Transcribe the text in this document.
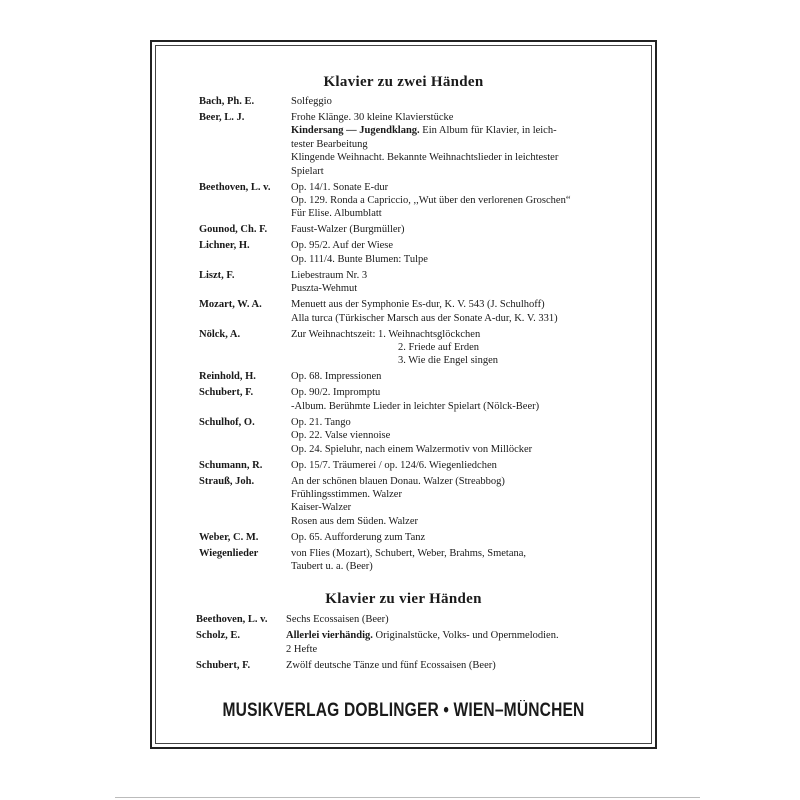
Klavier zu zwei Händen
Bach, Ph. E.	Solfeggio
Beer, L. J.	Frohe Klänge. 30 kleine Klavierstücke
Kindersang — Jugendklang. Ein Album für Klavier, in leich-
tester Bearbeitung
Klingende Weihnacht. Bekannte Weihnachtslieder in leichtester
Spielart
Beethoven, L. v. Op. 14/1. Sonate E-dur
Op. 129. Ronda a Capriccio, ,,Wut über den verlorenen Groschen“
Für Elise. Albumblatt
Gounod, Ch. F. Faust-Walzer (Burgmüller)
Lichner, H.	Op. 95/2. Auf der Wiese
Op. 111/4. Bunte Blumen: Tulpe
Liszt, F.	Liebestraum Nr. 3
Puszta-Wehmut
Mozart, W. A.	Menuett aus der Symphonie Es-dur, K. V. 543 (J. Schulhoff)
Alla turca (Türkischer Marsch aus der Sonate A-dur, K. V. 331)
Nölck, A.	Zur Weihnachtszeit: 1. Weihnachtsglöckchen
2. Friede auf Erden
3. Wie die Engel singen
Reinhold, H.	Op. 68. Impressionen
Schubert, F.	Op. 90/2. Impromptu
-Album. Berühmte Lieder in leichter Spielart (Nölck-Beer)
Schulhof, O.	Op. 21. Tango
Op. 22. Valse viennoise
Op. 24. Spieluhr, nach einem Walzermotiv von Millöcker
Schumann, R.	Op. 15/7. Träumerei / op. 124/6. Wiegenliedchen
Strauß, Joh.	An der schönen blauen Donau. Walzer (Streabbog)
Frühlingsstimmen. Walzer
Kaiser-Walzer
Rosen aus dem Süden. Walzer
Weber, C. M.	Op. 65. Aufforderung zum Tanz
Wiegenlieder	von Flies (Mozart), Schubert, Weber, Brahms, Smetana,
Taubert u. a. (Beer)
Klavier zu vier Händen
Beethoven, L. v. Sechs Ecossaisen (Beer)
Scholz, E.	Allerlei vierhändig. Originalstücke, Volks- und Opernmelodien.
2 Hefte
Schubert, F.	Zwölf deutsche Tänze und fünf Ecossaisen (Beer)
MUSIKVERLAG DOBLINGER • WIEN–MÜNCHEN
